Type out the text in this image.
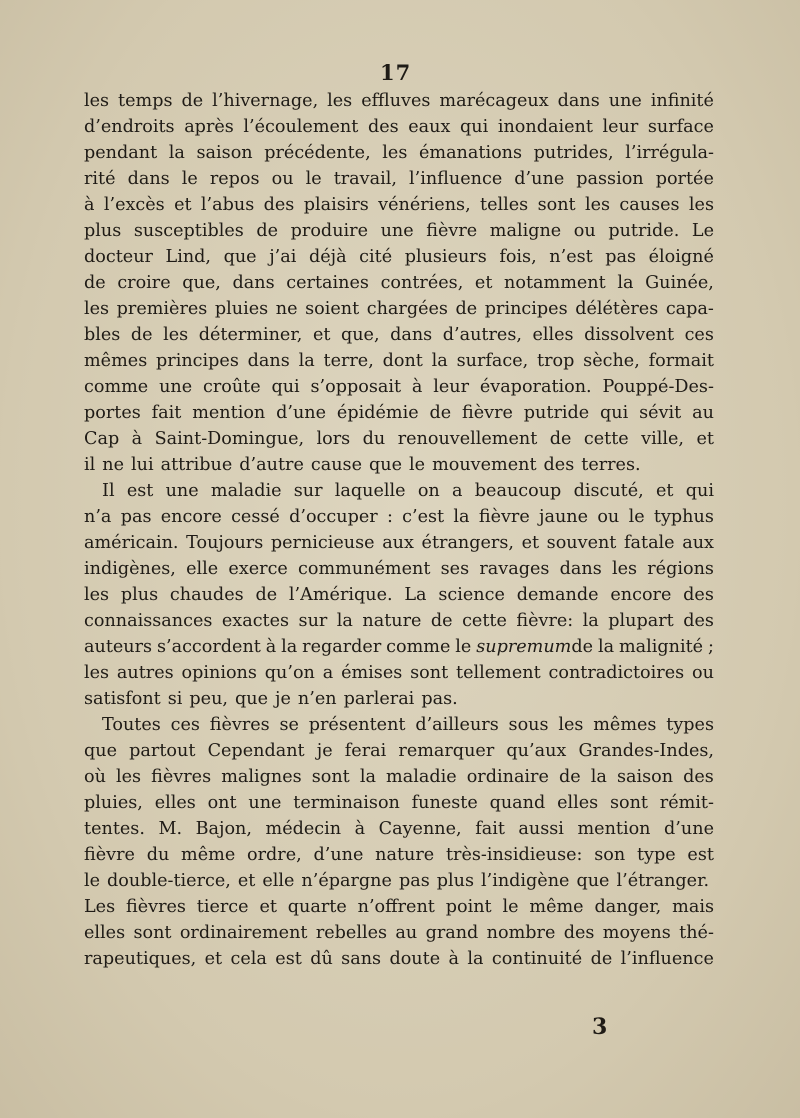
17
les temps de l’hivernage, les effluves marécageux dans une infinité
d’endroits après l’écoulement des eaux qui inondaient leur surface
pendant la saison précédente, les émanations putrides, l’irrégula-
rité dans le repos ou le travail, l’influence d’une passion portée
à l’excès et l’abus des plaisirs vénériens, telles sont les causes les
plus susceptibles de produire une fièvre maligne ou putride. Le
docteur Lind, que j’ai déjà cité plusieurs fois, n’est pas éloigné
de croire que, dans certaines contrées, et notamment la Guinée,
les premières pluies ne soient chargées de principes délétères capa-
bles de les déterminer, et que, dans d’autres, elles dissolvent ces
mêmes principes dans la terre, dont la surface, trop sèche, formait
comme une croûte qui s’opposait à leur évaporation. Pouppé-Des-
portes fait mention d’une épidémie de fièvre putride qui sévit au
Cap à Saint-Domingue, lors du renouvellement de cette ville, et
il ne lui attribue d’autre cause que le mouvement des terres.
Il est une maladie sur laquelle on a beaucoup discuté, et qui
n’a pas encore cessé d’occuper : c’est la fièvre jaune ou le typhus
américain. Toujours pernicieuse aux étrangers, et souvent fatale aux
indigènes, elle exerce communément ses ravages dans les régions
les plus chaudes de l’Amérique. La science demande encore des
connaissances exactes sur la nature de cette fièvre: la plupart des
auteurs s’accordent à la regarder comme le supremumde la malignité ;
les autres opinions qu’on a émises sont tellement contradictoires ou
satisfont si peu, que je n’en parlerai pas.
Toutes ces fièvres se présentent d’ailleurs sous les mêmes types
que partout Cependant je ferai remarquer qu’aux Grandes-Indes,
où les fièvres malignes sont la maladie ordinaire de la saison des
pluies, elles ont une terminaison funeste quand elles sont rémit-
tentes. M. Bajon, médecin à Cayenne, fait aussi mention d’une
fièvre du même ordre, d’une nature très-insidieuse: son type est
le double-tierce, et elle n’épargne pas plus l’indigène que l’étranger.
Les fièvres tierce et quarte n’offrent point le même danger, mais
elles sont ordinairement rebelles au grand nombre des moyens thé-
rapeutiques, et cela est dû sans doute à la continuité de l’influence
3
